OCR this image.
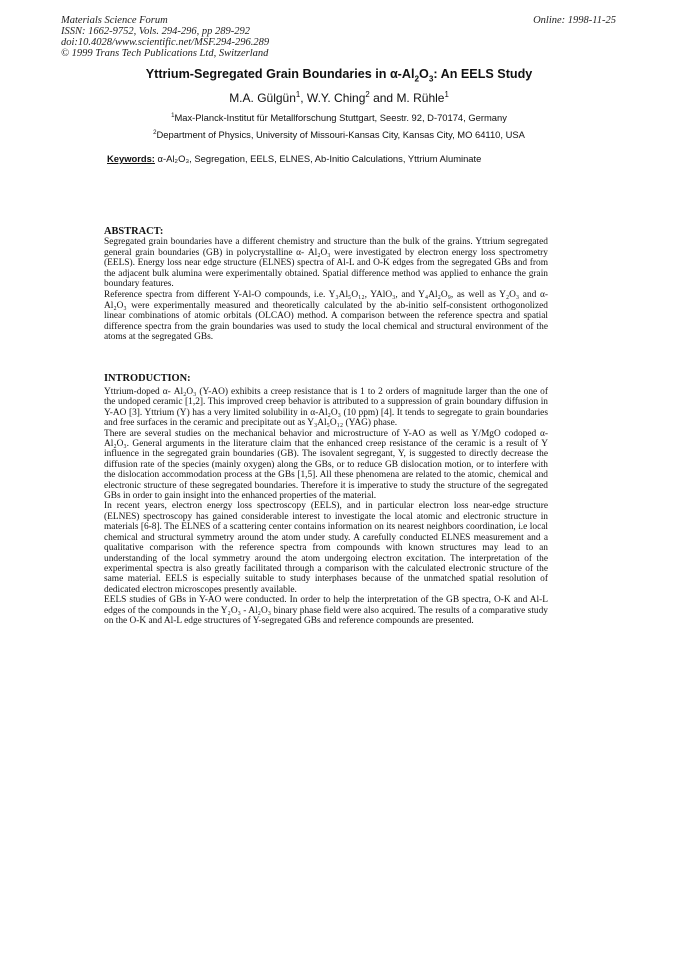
Materials Science Forum
ISSN: 1662-9752, Vols. 294-296, pp 289-292
doi:10.4028/www.scientific.net/MSF.294-296.289
© 1999 Trans Tech Publications Ltd, Switzerland
Online: 1998-11-25
Yttrium-Segregated Grain Boundaries in $\alpha-Al_2O_3$: An EELS Study
M.A. Gülgün$^1$, W.Y. Ching$^2$ and M. Rühle$^1$
$^1$Max-Planck-Institut für Metallforschung Stuttgart, Seestr. 92, D-70174, Germany
$^2$Department of Physics, University of Missouri-Kansas City, Kansas City, MO 64110, USA
Keywords: α-Al₂O₃, Segregation, EELS, ELNES, Ab-Initio Calculations, Yttrium Aluminate
ABSTRACT:

Segregated grain boundaries have a different chemistry and structure than the bulk of the grains. Yttrium segregated general grain boundaries (GB) in polycrystalline α- Al₂O₃ were investigated by electron energy loss spectrometry (EELS). Energy loss near edge structure (ELNES) spectra of Al-L and O-K edges from the segregated GBs and from the adjacent bulk alumina were experimentally obtained. Spatial difference method was applied to enhance the grain boundary features.

Reference spectra from different Y-Al-O compounds, i.e. Y₃Al₅O₁₂, YAlO₃, and Y₄Al₂O₉, as well as Y₂O₃ and α-Al₂O₃ were experimentally measured and theoretically calculated by the ab-initio self-consistent orthogonolized linear combinations of atomic orbitals (OLCAO) method. A comparison between the reference spectra and spatial difference spectra from the grain boundaries was used to study the local chemical and structural environment of the atoms at the segregated GBs.

INTRODUCTION:

Yttrium-doped α- Al₂O₃ (Y-AO) exhibits a creep resistance that is 1 to 2 orders of magnitude larger than the one of the undoped ceramic [1,2]. This improved creep behavior is attributed to a suppression of grain boundary diffusion in Y-AO [3]. Yttrium (Y) has a very limited solubility in α-Al₂O₃ (10 ppm) [4]. It tends to segregate to grain boundaries and free surfaces in the ceramic and precipitate out as Y₃Al₅O₁₂ (YAG) phase.

There are several studies on the mechanical behavior and microstructure of Y-AO as well as Y/MgO codoped α- Al₂O₃. General arguments in the literature claim that the enhanced creep resistance of the ceramic is a result of Y influence in the segregated grain boundaries (GB). The isovalent segregant, Y, is suggested to directly decrease the diffusion rate of the species (mainly oxygen) along the GBs, or to reduce GB dislocation motion, or to interfere with the dislocation accommodation process at the GBs [1,5]. All these phenomena are related to the atomic, chemical and electronic structure of these segregated boundaries. Therefore it is imperative to study the structure of the segregated GBs in order to gain insight into the enhanced properties of the material.

In recent years, electron energy loss spectroscopy (EELS), and in particular electron loss near-edge structure (ELNES) spectroscopy has gained considerable interest to investigate the local atomic and electronic structure in materials [6-8]. The ELNES of a scattering center contains information on its nearest neighbors coordination, i.e local chemical and structural symmetry around the atom under study. A carefully conducted ELNES measurement and a qualitative comparison with the reference spectra from compounds with known structures may lead to an understanding of the local symmetry around the atom undergoing electron excitation. The interpretation of the experimental spectra is also greatly facilitated through a comparison with the calculated electronic structure of the same material. EELS is especially suitable to study interphases because of the unmatched spatial resolution of dedicated electron microscopes presently available.

EELS studies of GBs in Y-AO were conducted. In order to help the interpretation of the GB spectra, O-K and Al-L edges of the compounds in the Y₂O₃ - Al₂O₃ binary phase field were also acquired. The results of a comparative study on the O-K and Al-L edge structures of Y-segregated GBs and reference compounds are presented.
